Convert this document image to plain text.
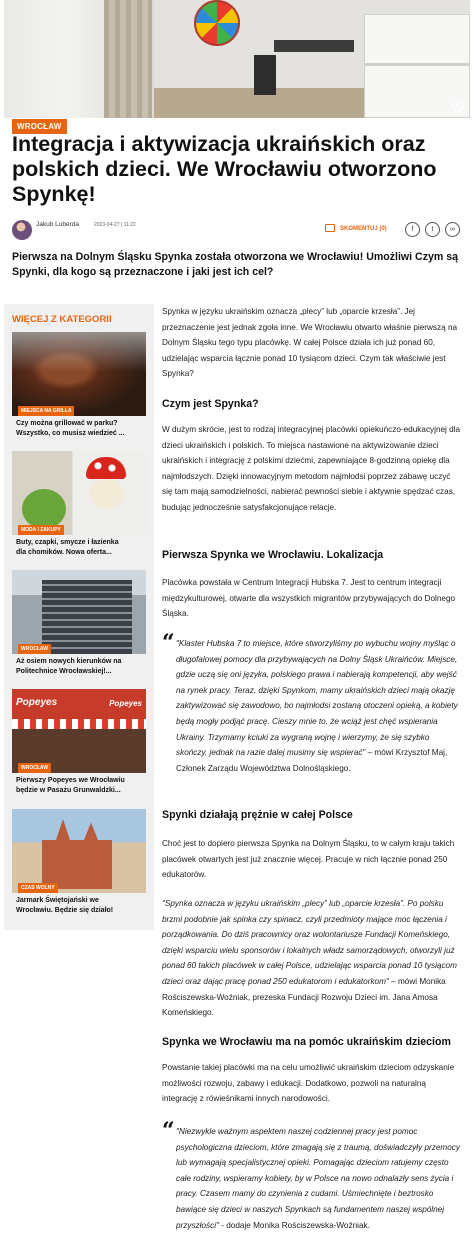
i
WROCŁAW
Integracja i aktywizacja ukraińskich oraz polskich dzieci. We Wrocławiu otworzono Spynkę!
Jakub Luberda	2023-04-27 | 11:22
SKOMENTUJ (0)	f	t	∞

Pierwsza na Dolnym Śląsku Spynka została otworzona we Wrocławiu! Umożliwi Czym są Spynki, dla kogo są przeznaczone i jaki jest ich cel?

WIĘCEJ Z KATEGORII
MIEJSCA NA GRILLA
Czy można grillować w parku?
Wszystko, co musisz wiedzieć ...
MODA I ZAKUPY
Buty, czapki, smycze i łazienka
dla chomików. Nowa oferta...
WROCŁAW
Aż osiem nowych kierunków na
Politechnice Wrocławskiej!...
Popeyes	Popeyes
WROCŁAW
Pierwszy Popeyes we Wrocławiu
będzie w Pasażu Grunwaldzki...
CZAS WOLNY
Jarmark Świętojański we
Wrocławiu. Będzie się działo!

Spynka w języku ukraińskim oznacza „plecy” lub „oparcie krzesła”. Jej przeznaczenie jest jednak zgoła inne. We Wrocławiu otwarto właśnie pierwszą na Dolnym Śląsku tego typu placówkę. W całej Polsce działa ich już ponad 60, udzielając wsparcia łącznie ponad 10 tysiącom dzieci. Czym tak właściwie jest Spynka?

Czym jest Spynka?

W dużym skrócie, jest to rodzaj integracyjnej placówki opiekuńczo-edukacyjnej dla dzieci ukraińskich i polskich. To miejsca nastawione na aktywizowanie dzieci ukraińskich i integrację z polskimi dziećmi, zapewniające 8-godzinną opiekę dla najmłodszych. Dzięki innowacyjnym metodom najmłodsi poprzez zabawę uczyć się tam mają samodzielności, nabierać pewności siebie i aktywnie spędzać czas, budując jednocześnie satysfakcjonujące relacje.

Pierwsza Spynka we Wrocławiu. Lokalizacja

Placówka powstała w Centrum Integracji Hubska 7. Jest to centrum integracji międzykulturowej, otwarte dla wszystkich migrantów przybywających do Dolnego Śląska.

“ "Klaster Hubska 7 to miejsce, które stworzyliśmy po wybuchu wojny myśląc o długofalowej pomocy dla przybywających na Dolny Śląsk Ukraińców. Miejsce, gdzie uczą się oni języka, polskiego prawa i nabierają kompetencji, aby wejść na rynek pracy. Teraz, dzięki Spynkom, mamy ukraińskich dzieci mają okazję zaktywizować się zawodowo, bo najmłodsi zostaną otoczeni opieką, a kobiety będą mogły podjąć pracę. Cieszy mnie to, że wciąż jest chęć wspierania Ukrainy. Trzymamy kciuki za wygraną wojnę i wierzymy, że się szybko skończy, jednak na razie dalej musimy się wspierać" – mówi Krzysztof Maj, Członek Zarządu Województwa Dolnośląskiego.
Spynki działają prężnie w całej Polsce

Choć jest to dopiero pierwsza Spynka na Dolnym Śląsku, to w całym kraju takich placówek otwartych jest już znacznie więcej. Pracuje w nich łącznie ponad 250 edukatorów.

"Spynka oznacza w języku ukraińskim „plecy” lub „oparcie krzesła”. Po polsku brzmi podobnie jak spinka czy spinacz, czyli przedmioty mające moc łączenia i porządkowania. Do dziś pracownicy oraz wolontariusze Fundacji Komeńskiego, dzięki wsparciu wielu sponsorów i lokalnych władz samorządowych, otworzyli już ponad 60 takich placówek w całej Polsce, udzielając wsparcia ponad 10 tysiącom dzieci oraz dając pracę ponad 250 edukatorom i edukatorkom" – mówi Monika Rościszewska-Woźniak, prezeska Fundacji Rozwoju Dzieci im. Jana Amosa Komeńskiego.
Spynka we Wrocławiu ma na pomóc ukraińskim dzieciom

Powstanie takiej placówki ma na celu umożliwić ukraińskim dzieciom odzyskanie możliwości rozwoju, zabawy i edukacji. Dodatkowo, pozwoli na naturalną integrację z rówieśnikami innych narodowości.

“ "Niezwykle ważnym aspektem naszej codziennej pracy jest pomoc psychologiczna dzieciom, które zmagają się z traumą, doświadczyły przemocy lub wymagają specjalistycznej opieki. Pomagając dzieciom ratujemy często całe rodziny, wspieramy kobiety, by w Polsce na nowo odnalazły sens życia i pracy. Czasem mamy do czynienia z cudami. Uśmiechnięte i beztrosko bawiące się dzieci w naszych Spynkach są fundamentem naszej wspólnej przyszłości" - dodaje Monika Rościszewska-Woźniak.
